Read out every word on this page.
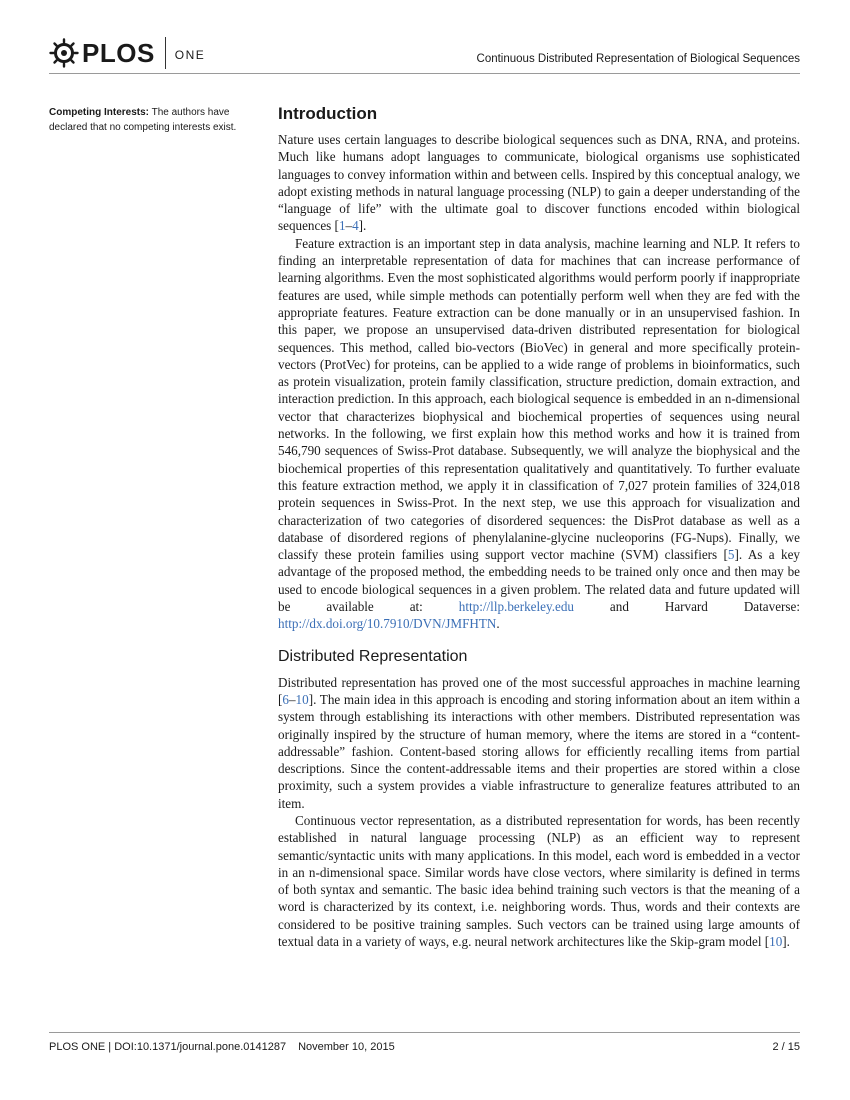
PLOS ONE	Continuous Distributed Representation of Biological Sequences
Competing Interests: The authors have declared that no competing interests exist.
Introduction

Nature uses certain languages to describe biological sequences such as DNA, RNA, and proteins. Much like humans adopt languages to communicate, biological organisms use sophisticated languages to convey information within and between cells. Inspired by this conceptual analogy, we adopt existing methods in natural language processing (NLP) to gain a deeper understanding of the “language of life” with the ultimate goal to discover functions encoded within biological sequences [1–4].

Feature extraction is an important step in data analysis, machine learning and NLP. It refers to finding an interpretable representation of data for machines that can increase performance of learning algorithms. Even the most sophisticated algorithms would perform poorly if inappropriate features are used, while simple methods can potentially perform well when they are fed with the appropriate features. Feature extraction can be done manually or in an unsupervised fashion. In this paper, we propose an unsupervised data-driven distributed representation for biological sequences. This method, called bio-vectors (BioVec) in general and more specifically protein-vectors (ProtVec) for proteins, can be applied to a wide range of problems in bioinformatics, such as protein visualization, protein family classification, structure prediction, domain extraction, and interaction prediction. In this approach, each biological sequence is embedded in an n-dimensional vector that characterizes biophysical and biochemical properties of sequences using neural networks. In the following, we first explain how this method works and how it is trained from 546,790 sequences of Swiss-Prot database. Subsequently, we will analyze the biophysical and the biochemical properties of this representation qualitatively and quantitatively. To further evaluate this feature extraction method, we apply it in classification of 7,027 protein families of 324,018 protein sequences in Swiss-Prot. In the next step, we use this approach for visualization and characterization of two categories of disordered sequences: the DisProt database as well as a database of disordered regions of phenylalanine-glycine nucleoporins (FG-Nups). Finally, we classify these protein families using support vector machine (SVM) classifiers [5]. As a key advantage of the proposed method, the embedding needs to be trained only once and then may be used to encode biological sequences in a given problem. The related data and future updated will be available at: http://llp.berkeley.edu and Harvard Dataverse: http://dx.doi.org/10.7910/DVN/JMFHTN.

Distributed Representation

Distributed representation has proved one of the most successful approaches in machine learning [6–10]. The main idea in this approach is encoding and storing information about an item within a system through establishing its interactions with other members. Distributed representation was originally inspired by the structure of human memory, where the items are stored in a “content-addressable” fashion. Content-based storing allows for efficiently recalling items from partial descriptions. Since the content-addressable items and their properties are stored within a close proximity, such a system provides a viable infrastructure to generalize features attributed to an item.

Continuous vector representation, as a distributed representation for words, has been recently established in natural language processing (NLP) as an efficient way to represent semantic/syntactic units with many applications. In this model, each word is embedded in a vector in an n-dimensional space. Similar words have close vectors, where similarity is defined in terms of both syntax and semantic. The basic idea behind training such vectors is that the meaning of a word is characterized by its context, i.e. neighboring words. Thus, words and their contexts are considered to be positive training samples. Such vectors can be trained using large amounts of textual data in a variety of ways, e.g. neural network architectures like the Skip-gram model [10].

PLOS ONE | DOI:10.1371/journal.pone.0141287 November 10, 2015	2 / 15
